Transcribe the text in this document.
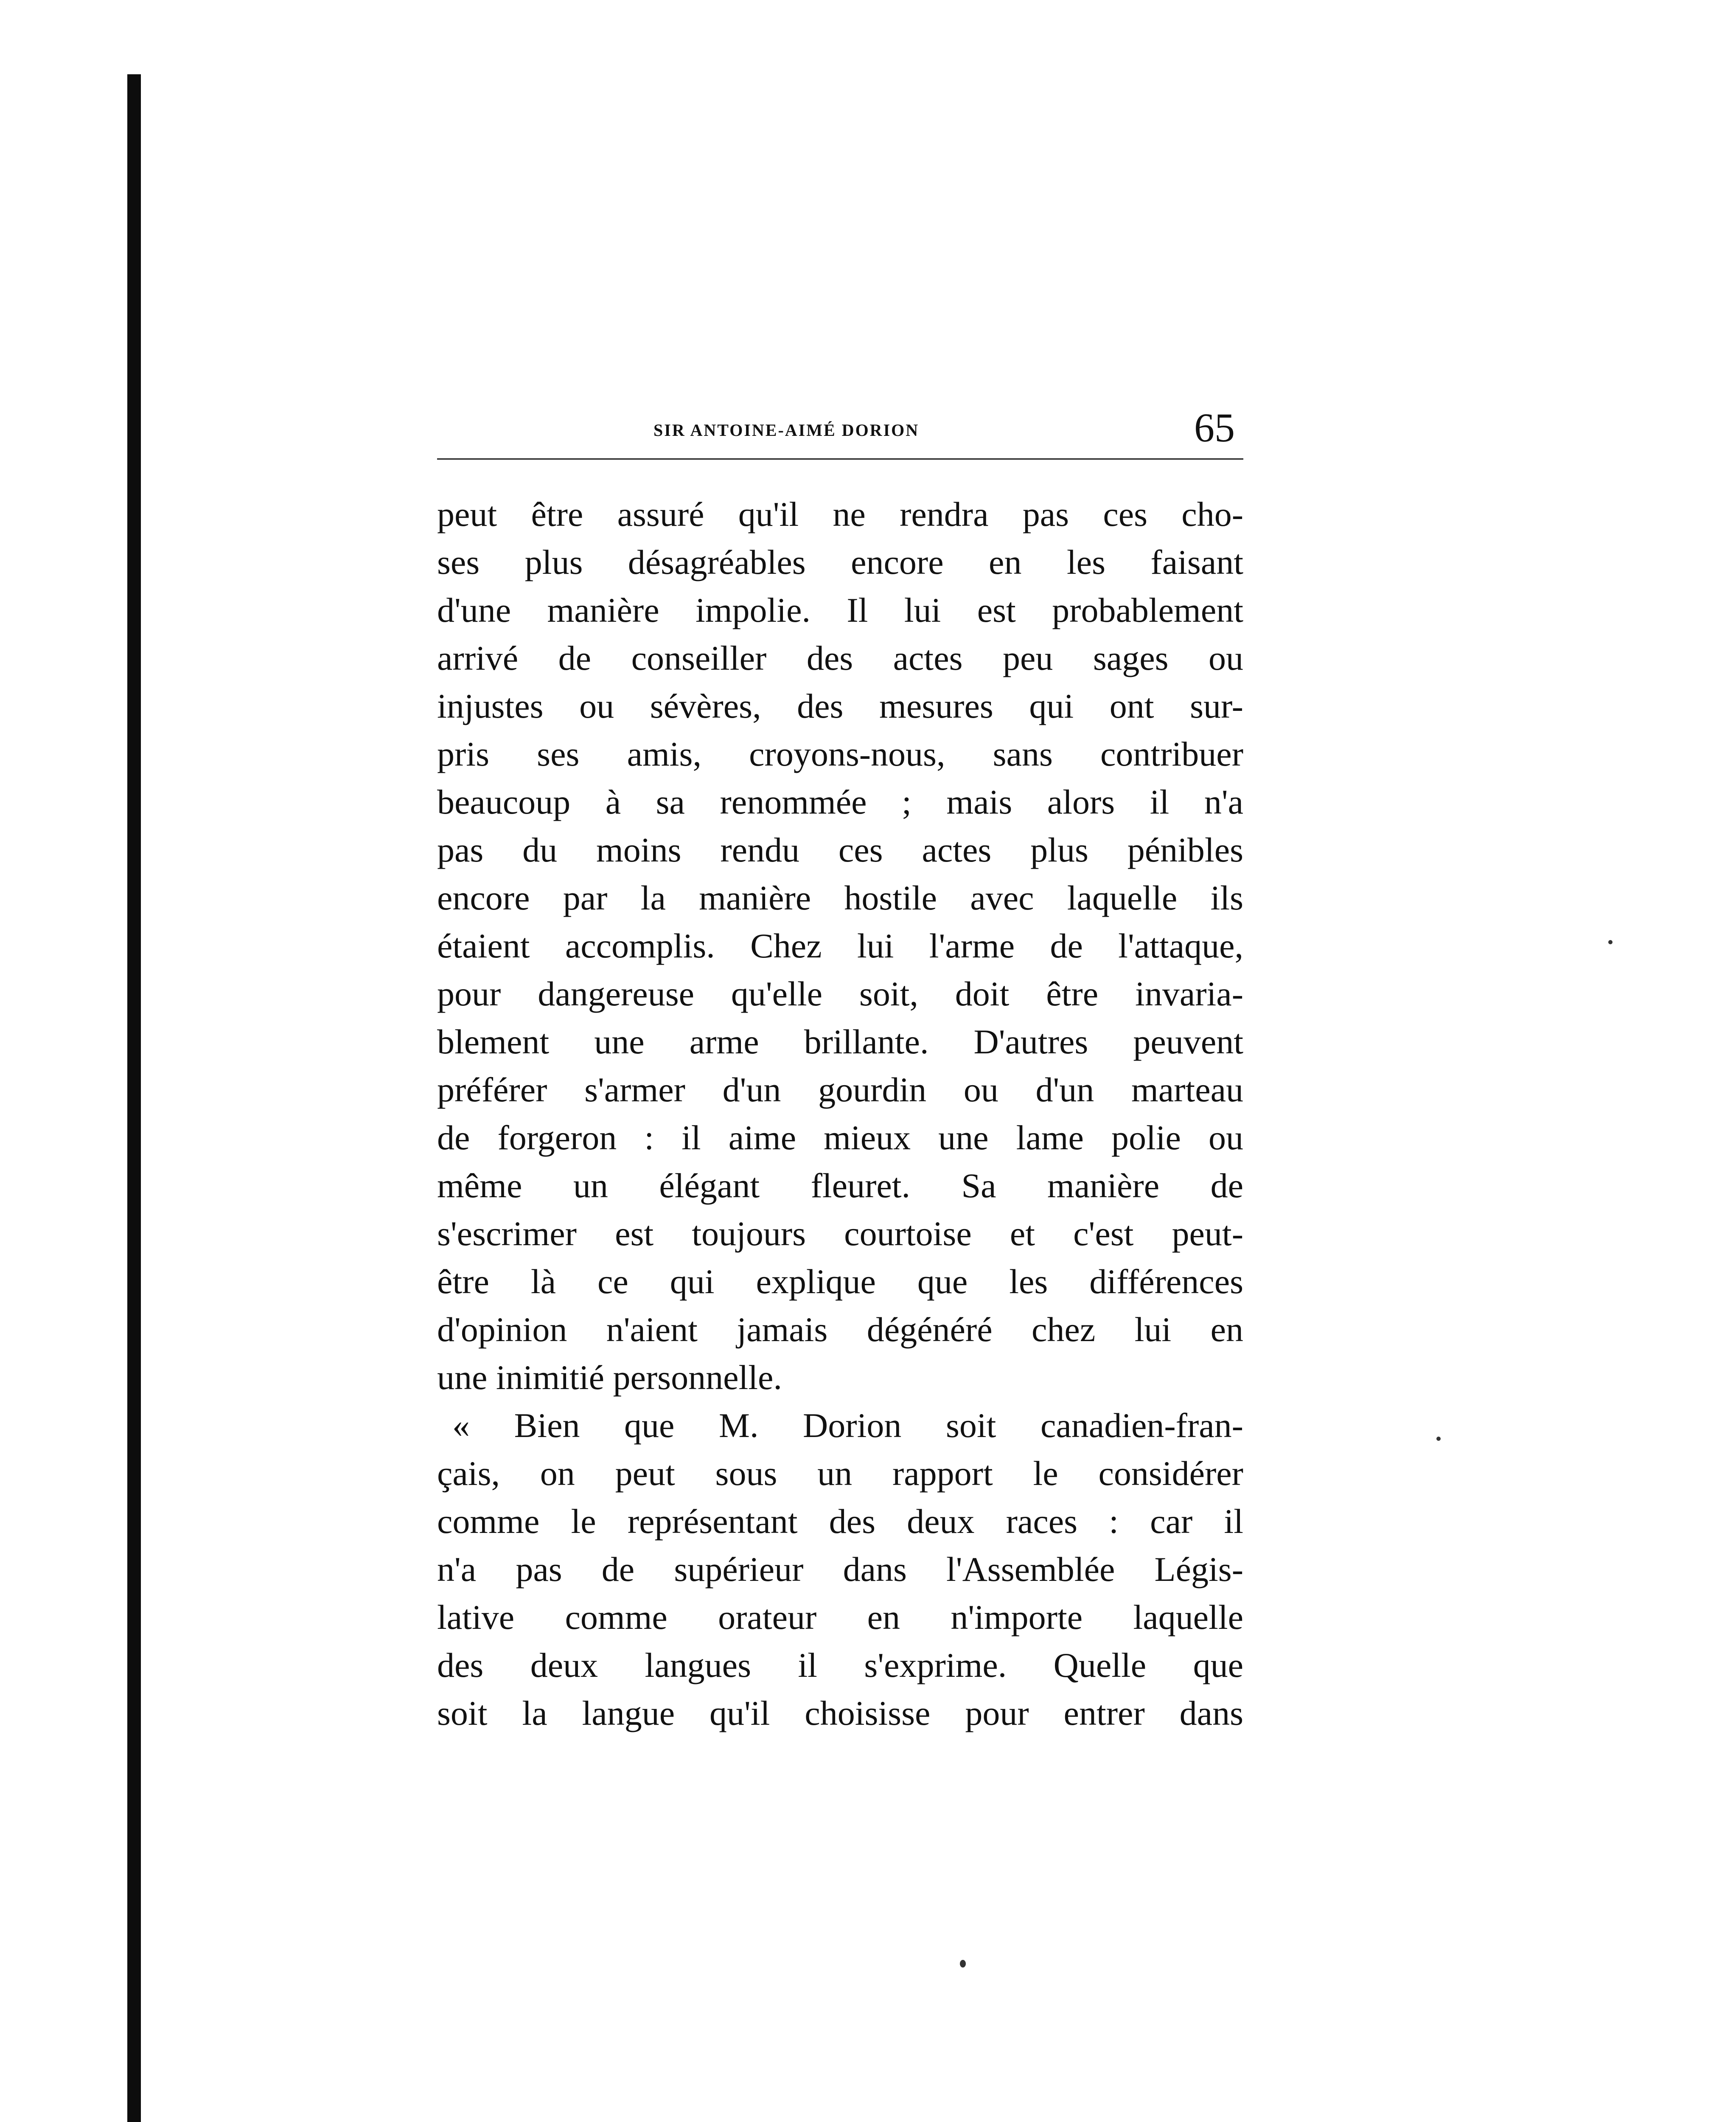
SIR ANTOINE-AIMÉ DORION	65
peut être assuré qu'il ne rendra pas ces cho-
ses plus désagréables encore en les faisant
d'une manière impolie. Il lui est probablement
arrivé de conseiller des actes peu sages ou
injustes ou sévères, des mesures qui ont sur-
pris ses amis, croyons-nous, sans contribuer
beaucoup à sa renommée ; mais alors il n'a
pas du moins rendu ces actes plus pénibles
encore par la manière hostile avec laquelle ils
étaient accomplis. Chez lui l'arme de l'attaque,
pour dangereuse qu'elle soit, doit être invaria-
blement une arme brillante. D'autres peuvent
préférer s'armer d'un gourdin ou d'un marteau
de forgeron : il aime mieux une lame polie ou
même un élégant fleuret. Sa manière de
s'escrimer est toujours courtoise et c'est peut-
être là ce qui explique que les différences
d'opinion n'aient jamais dégénéré chez lui en
une inimitié personnelle.
« Bien que M. Dorion soit canadien-fran-
çais, on peut sous un rapport le considérer
comme le représentant des deux races : car il
n'a pas de supérieur dans l'Assemblée Légis-
lative comme orateur en n'importe laquelle
des deux langues il s'exprime. Quelle que
soit la langue qu'il choisisse pour entrer dans
